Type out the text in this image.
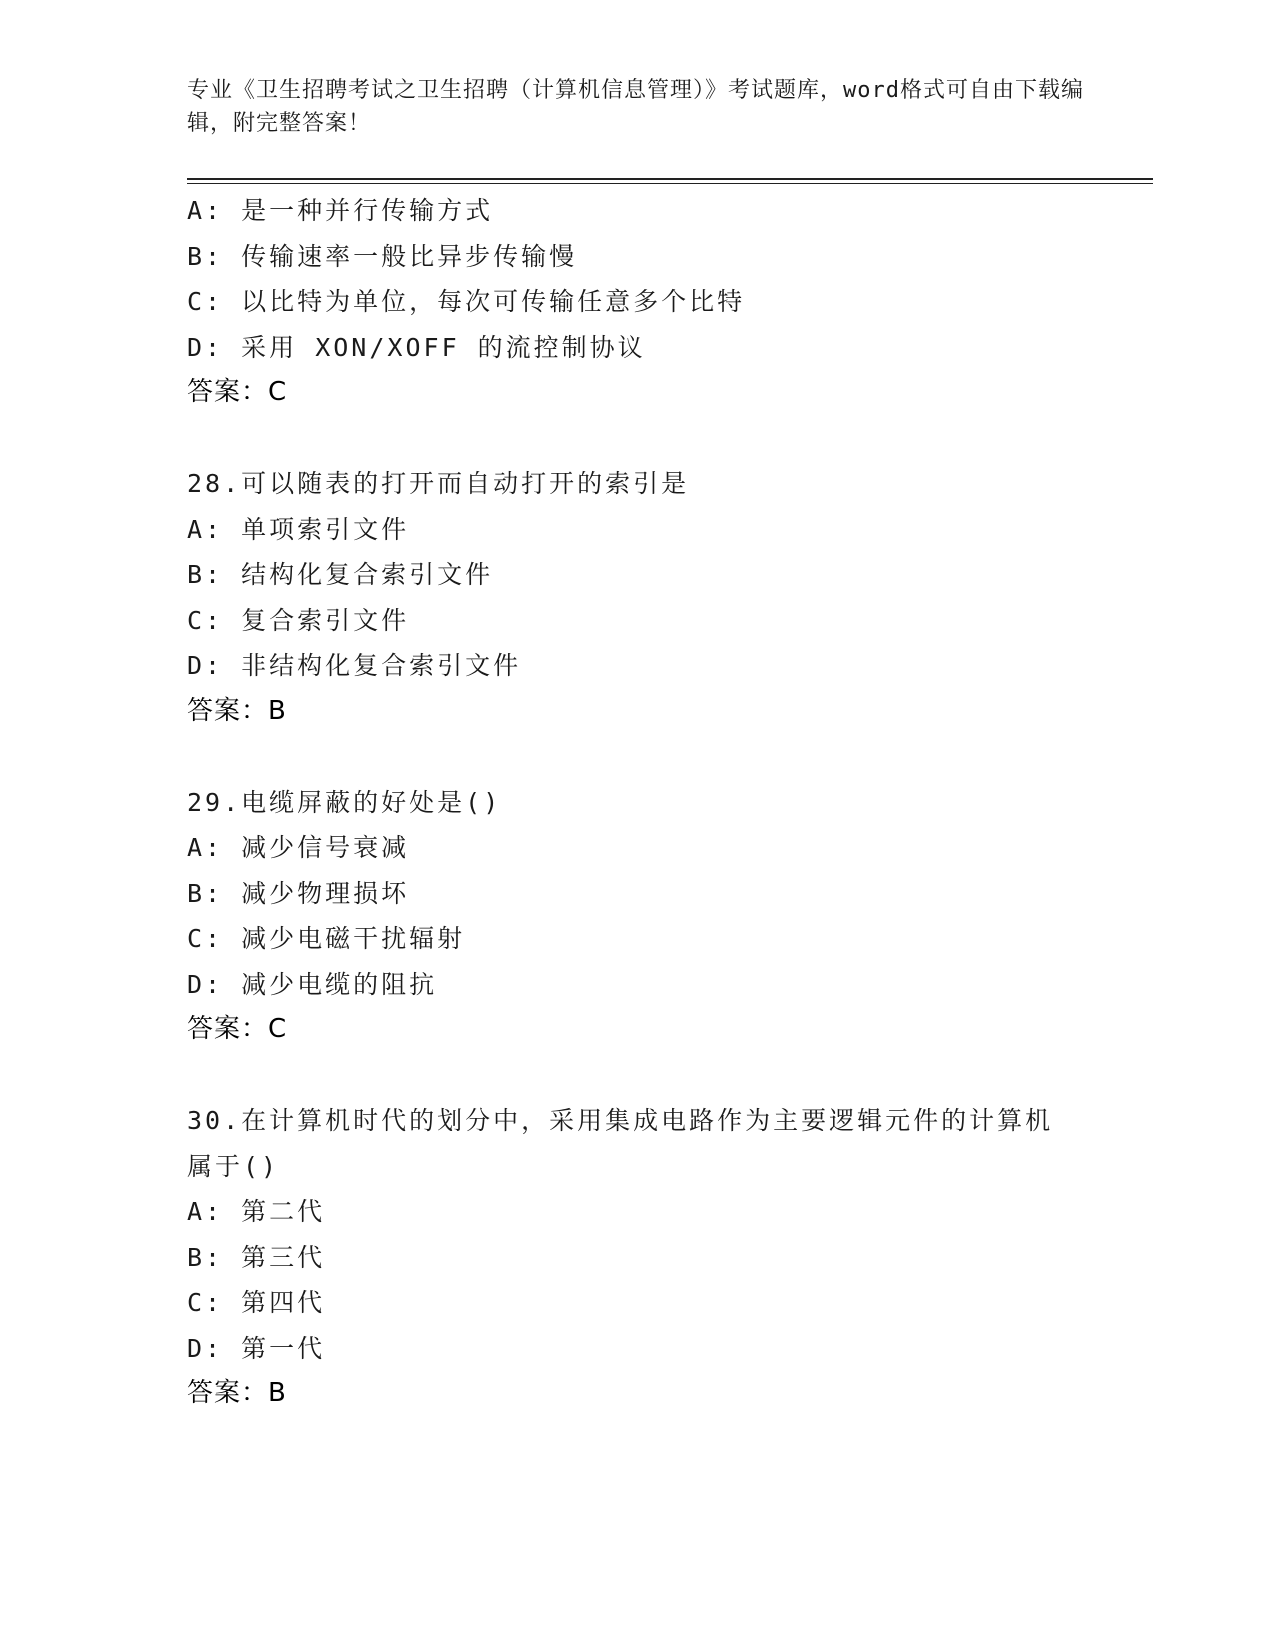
专业《卫生招聘考试之卫生招聘（计算机信息管理）》考试题库，word格式可自由下载编辑，附完整答案！
A: 是一种并行传输方式
B: 传输速率一般比异步传输慢
C: 以比特为单位，每次可传输任意多个比特
D: 采用 XON/XOFF 的流控制协议
答案：C
28.可以随表的打开而自动打开的索引是
A: 单项索引文件
B: 结构化复合索引文件
C: 复合索引文件
D: 非结构化复合索引文件
答案：B
29.电缆屏蔽的好处是()
A: 减少信号衰减
B: 减少物理损坏
C: 减少电磁干扰辐射
D: 减少电缆的阻抗
答案：C
30.在计算机时代的划分中，采用集成电路作为主要逻辑元件的计算机
属于()
A: 第二代
B: 第三代
C: 第四代
D: 第一代
答案：B
